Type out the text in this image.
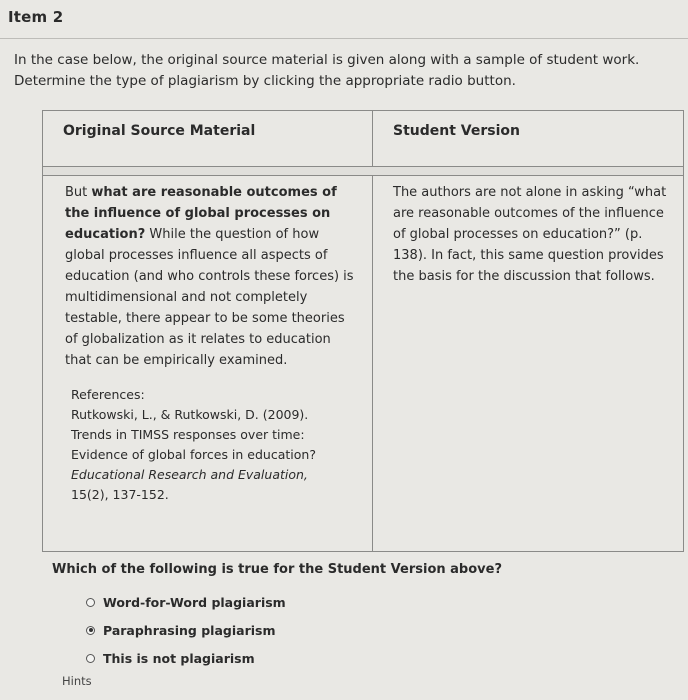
Item 2
In the case below, the original source material is given along with a sample of student work.
Determine the type of plagiarism by clicking the appropriate radio button.
Original Source Material	Student Version
But what are reasonable outcomes of the influence of global processes on education? While the question of how global processes influence all aspects of education (and who controls these forces) is multidimensional and not completely testable, there appear to be some theories of globalization as it relates to education that can be empirically examined.
References:
Rutkowski, L., & Rutkowski, D. (2009).
Trends in TIMSS responses over time:
Evidence of global forces in education?
Educational Research and Evaluation,
15(2), 137-152.
The authors are not alone in asking “what are reasonable outcomes of the influence of global processes on education?” (p. 138). In fact, this same question provides the basis for the discussion that follows.
Which of the following is true for the Student Version above?
Word-for-Word plagiarism
Paraphrasing plagiarism
This is not plagiarism
Hints
